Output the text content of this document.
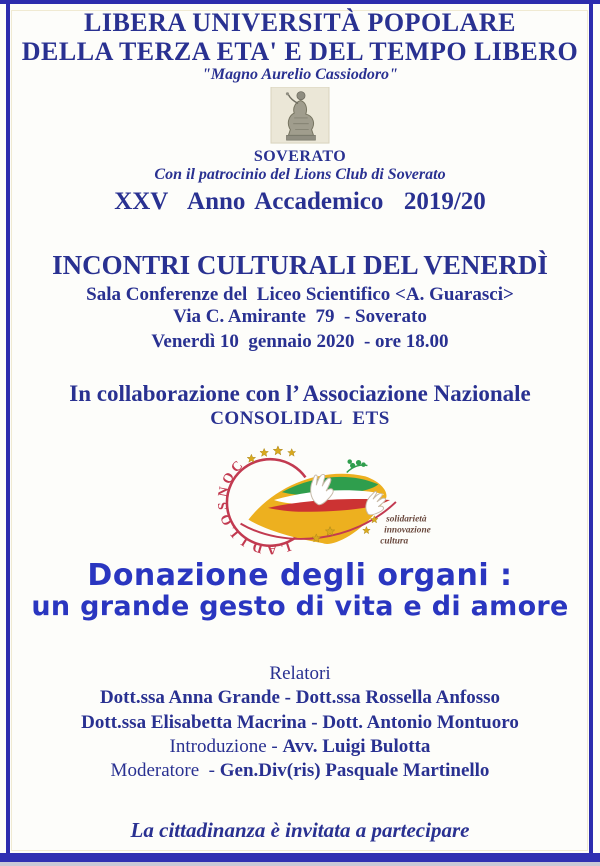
LIBERA UNIVERSITÀ POPOLARE
DELLA TERZA ETA' E DEL TEMPO LIBERO
"Magno Aurelio Cassiodoro"
SOVERATO
Con il patrocinio del Lions Club di Soverato
XXV  Anno Accademico  2019/20
INCONTRI CULTURALI DEL VENERDÌ
Sala Conferenze del  Liceo Scientifico <A. Guarasci>
Via C. Amirante  79  - Soverato
Venerdì 10  gennaio 2020  - ore 18.00
In collaborazione con l’ Associazione Nazionale
CONSOLIDAL  ETS
C
O
N
S
O
L
I D A L
solidarietà
innovazione
cultura
Donazione degli organi :
un grande gesto di vita e di amore
Relatori
Dott.ssa Anna Grande - Dott.ssa Rossella Anfosso
Dott.ssa Elisabetta Macrina - Dott. Antonio Montuoro
Introduzione - Avv. Luigi Bulotta
Moderatore  - Gen.Div(ris) Pasquale Martinello
La cittadinanza è invitata a partecipare
